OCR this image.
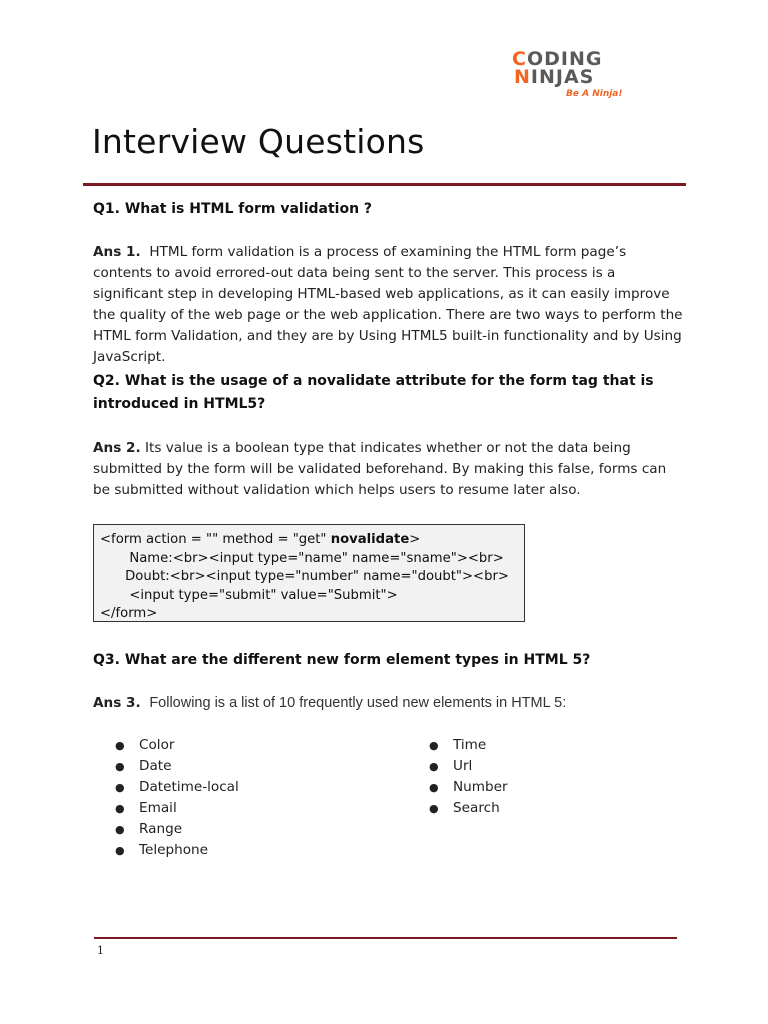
CODING
NINJAS
Be A Ninja!
Interview Questions

Q1. What is HTML form validation ?

Ans 1. HTML form validation is a process of examining the HTML form page’s contents to avoid errored-out data being sent to the server. This process is a significant step in developing HTML-based web applications, as it can easily improve the quality of the web page or the web application. There are two ways to perform the HTML form Validation, and they are by Using HTML5 built-in functionality and by Using JavaScript.

Q2. What is the usage of a novalidate attribute for the form tag that is introduced in HTML5?

Ans 2. Its value is a boolean type that indicates whether or not the data being submitted by the form will be validated beforehand. By making this false, forms can be submitted without validation which helps users to resume later also.

<form action = "" method = "get" novalidate>
Name:<br><input type="name" name="sname"><br>
Doubt:<br><input type="number" name="doubt"><br>
<input type="submit" value="Submit">
</form>

Q3. What are the different new form element types in HTML 5?

Ans 3. Following is a list of 10 frequently used new elements in HTML 5:

● Color
● Date
● Datetime-local
● Email
● Range
● Telephone
● Time
● Url
● Number
● Search
1
